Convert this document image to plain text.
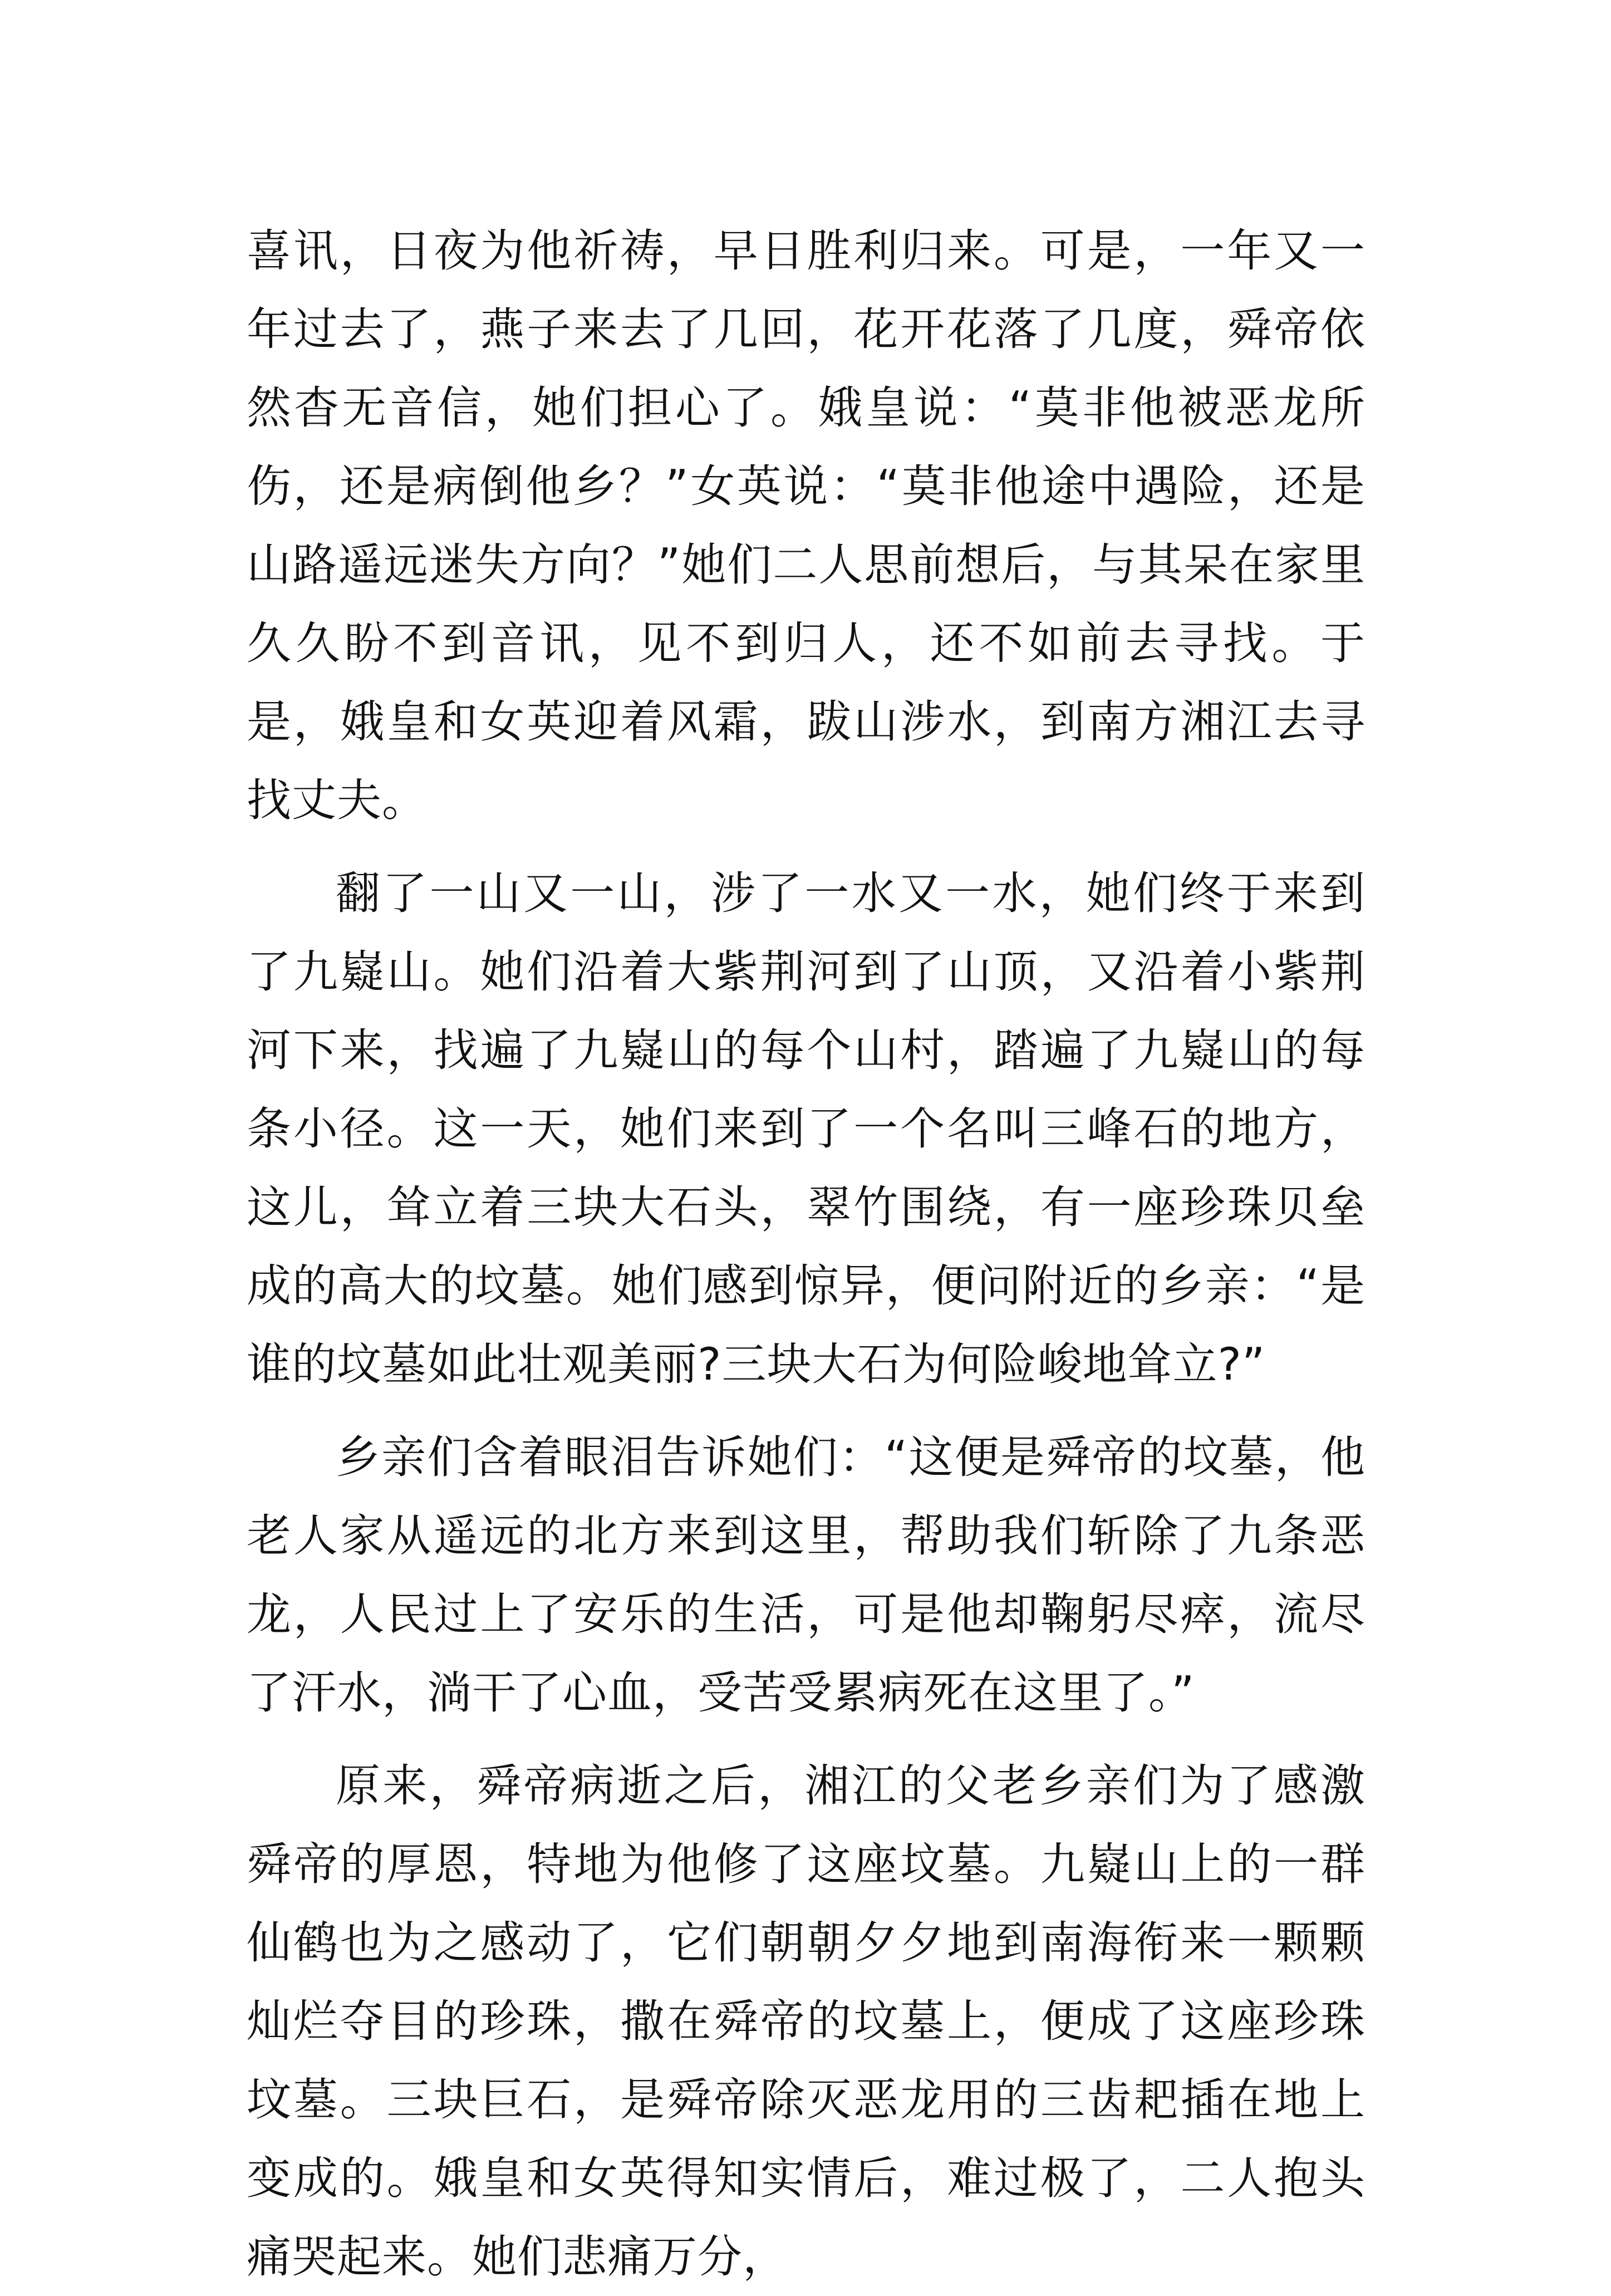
喜讯，日夜为他祈祷，早日胜利归来。可是，一年又一年过去了，燕子来去了几回，花开花落了几度，舜帝依然杳无音信，她们担心了。娥皇说：“莫非他被恶龙所伤，还是病倒他乡？”女英说：“莫非他途中遇险，还是山路遥远迷失方向？”她们二人思前想后，与其呆在家里久久盼不到音讯，见不到归人，还不如前去寻找。于是，娥皇和女英迎着风霜，跋山涉水，到南方湘江去寻找丈夫。

翻了一山又一山，涉了一水又一水，她们终于来到了九嶷山。她们沿着大紫荆河到了山顶，又沿着小紫荆河下来，找遍了九嶷山的每个山村，踏遍了九嶷山的每条小径。这一天，她们来到了一个名叫三峰石的地方，这儿，耸立着三块大石头，翠竹围绕，有一座珍珠贝垒成的高大的坟墓。她们感到惊异，便问附近的乡亲：“是谁的坟墓如此壮观美丽?三块大石为何险峻地耸立?”

乡亲们含着眼泪告诉她们：“这便是舜帝的坟墓，他老人家从遥远的北方来到这里，帮助我们斩除了九条恶龙，人民过上了安乐的生活，可是他却鞠躬尽瘁，流尽了汗水，淌干了心血，受苦受累病死在这里了。”

原来，舜帝病逝之后，湘江的父老乡亲们为了感激舜帝的厚恩，特地为他修了这座坟墓。九嶷山上的一群仙鹤也为之感动了，它们朝朝夕夕地到南海衔来一颗颗灿烂夺目的珍珠，撒在舜帝的坟墓上，便成了这座珍珠坟墓。三块巨石，是舜帝除灭恶龙用的三齿耙插在地上变成的。娥皇和女英得知实情后，难过极了，二人抱头痛哭起来。她们悲痛万分，
